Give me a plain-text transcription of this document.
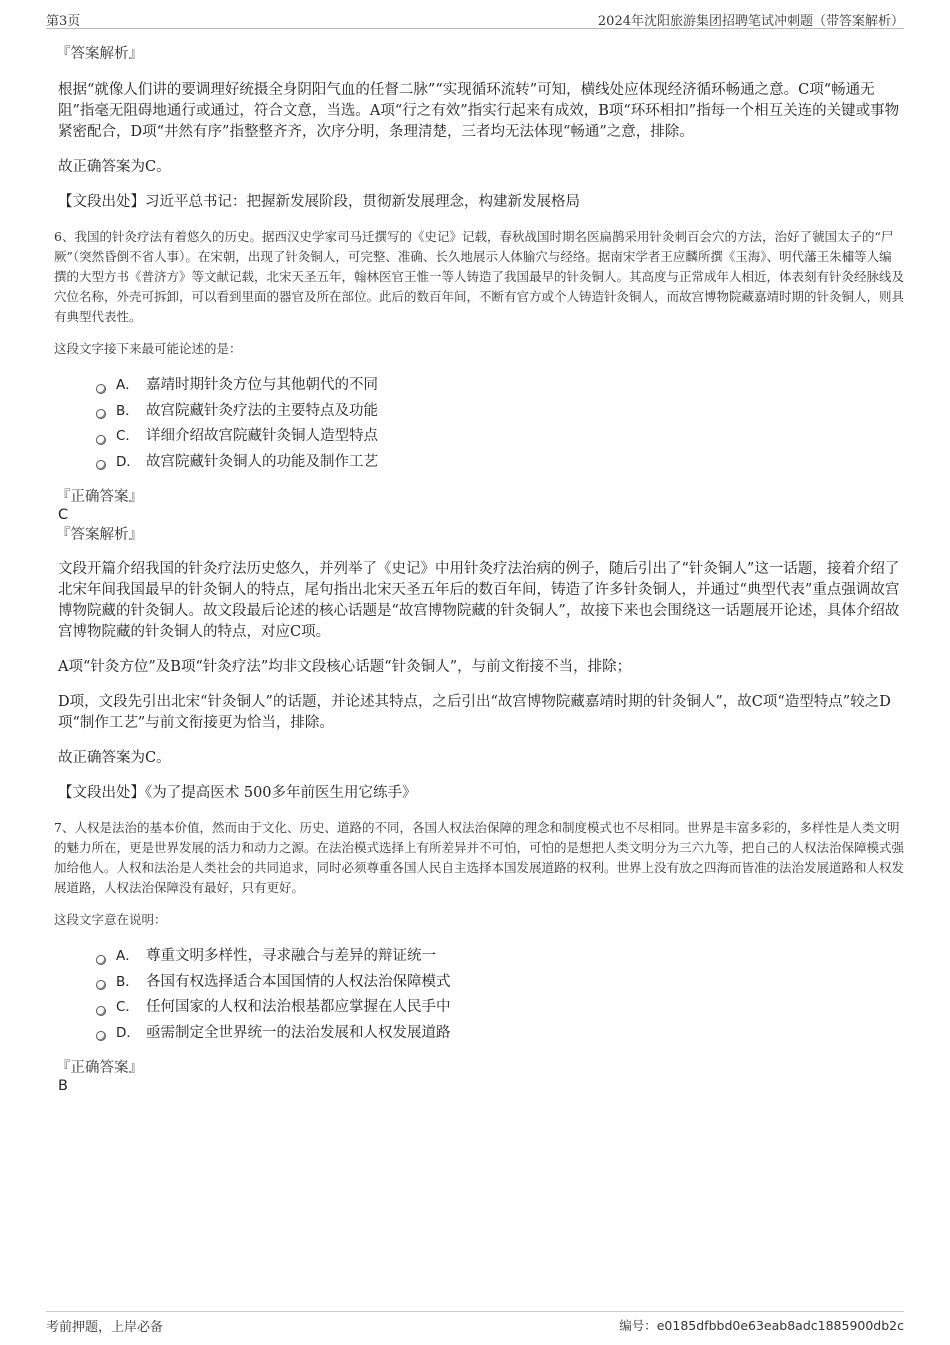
第3页	2024年沈阳旅游集团招聘笔试冲刺题（带答案解析）

『答案解析』

根据“就像人们讲的要调理好统摄全身阴阳气血的任督二脉”“实现循环流转”可知，横线处应体现经济循环畅通之意。C项“畅通无阻”指毫无阻碍地通行或通过，符合文意，当选。A项“行之有效”指实行起来有成效，B项“环环相扣”指每一个相互关连的关键或事物紧密配合，D项“井然有序”指整整齐齐，次序分明，条理清楚，三者均无法体现“畅通”之意，排除。

故正确答案为C。

【文段出处】习近平总书记：把握新发展阶段，贯彻新发展理念，构建新发展格局

6、我国的针灸疗法有着悠久的历史。据西汉史学家司马迁撰写的《史记》记载，春秋战国时期名医扁鹊采用针灸刺百会穴的方法，治好了虢国太子的“尸厥”（突然昏倒不省人事）。在宋朝，出现了针灸铜人，可完整、准确、长久地展示人体腧穴与经络。据南宋学者王应麟所撰《玉海》、明代藩王朱橚等人编撰的大型方书《普济方》等文献记载，北宋天圣五年，翰林医官王惟一等人铸造了我国最早的针灸铜人。其高度与正常成年人相近，体表刻有针灸经脉线及穴位名称，外壳可拆卸，可以看到里面的器官及所在部位。此后的数百年间，不断有官方或个人铸造针灸铜人，而故宫博物院藏嘉靖时期的针灸铜人，则具有典型代表性。
这段文字接下来最可能论述的是：
A． 嘉靖时期针灸方位与其他朝代的不同
B． 故宫院藏针灸疗法的主要特点及功能
C． 详细介绍故宫院藏针灸铜人造型特点
D． 故宫院藏针灸铜人的功能及制作工艺
『正确答案』
C
『答案解析』

文段开篇介绍我国的针灸疗法历史悠久，并列举了《史记》中用针灸疗法治病的例子，随后引出了“针灸铜人”这一话题，接着介绍了北宋年间我国最早的针灸铜人的特点，尾句指出北宋天圣五年后的数百年间，铸造了许多针灸铜人，并通过“典型代表”重点强调故宫博物院藏的针灸铜人。故文段最后论述的核心话题是“故宫博物院藏的针灸铜人”，故接下来也会围绕这一话题展开论述，具体介绍故宫博物院藏的针灸铜人的特点，对应C项。

A项“针灸方位”及B项“针灸疗法”均非文段核心话题“针灸铜人”，与前文衔接不当，排除；

D项，文段先引出北宋“针灸铜人”的话题，并论述其特点，之后引出“故宫博物院藏嘉靖时期的针灸铜人”，故C项“造型特点”较之D项“制作工艺”与前文衔接更为恰当，排除。

故正确答案为C。

【文段出处】《为了提高医术 500多年前医生用它练手》

7、人权是法治的基本价值，然而由于文化、历史、道路的不同，各国人权法治保障的理念和制度模式也不尽相同。世界是丰富多彩的，多样性是人类文明的魅力所在，更是世界发展的活力和动力之源。在法治模式选择上有所差异并不可怕，可怕的是想把人类文明分为三六九等，把自己的人权法治保障模式强加给他人。人权和法治是人类社会的共同追求，同时必须尊重各国人民自主选择本国发展道路的权利。世界上没有放之四海而皆准的法治发展道路和人权发展道路，人权法治保障没有最好，只有更好。
这段文字意在说明：
A． 尊重文明多样性，寻求融合与差异的辩证统一
B． 各国有权选择适合本国国情的人权法治保障模式
C． 任何国家的人权和法治根基都应掌握在人民手中
D． 亟需制定全世界统一的法治发展和人权发展道路
『正确答案』
B
考前押题，上岸必备	编号：e0185dfbbd0e63eab8adc1885900db2c
